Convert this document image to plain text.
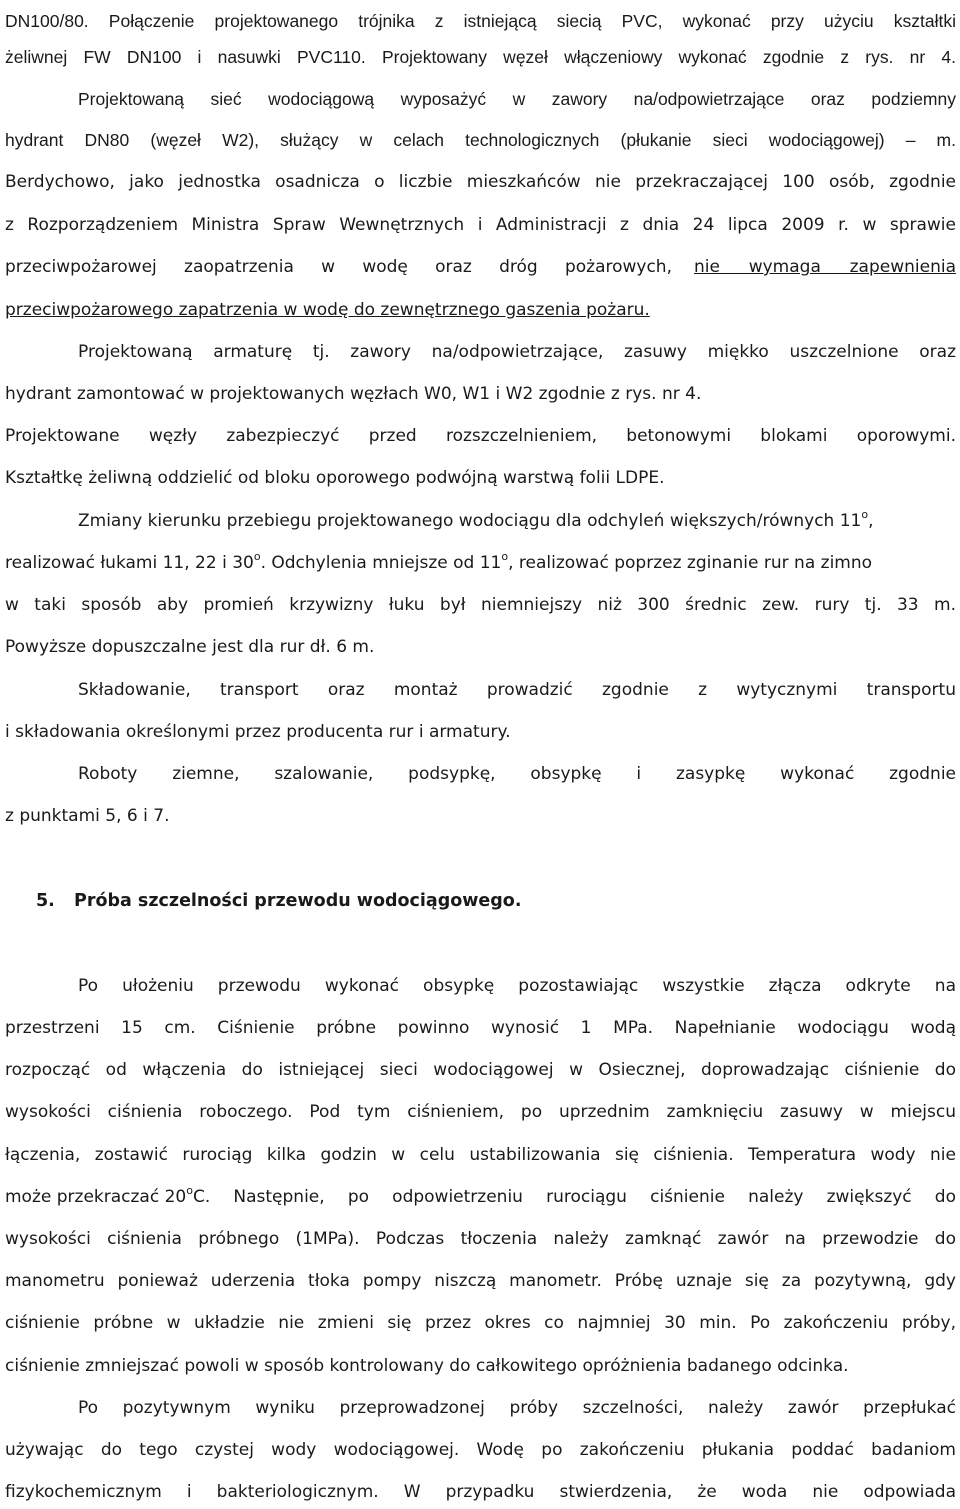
DN100/80. Połączenie projektowanego trójnika z istniejącą siecią PVC, wykonać przy użyciu kształtki
żeliwnej FW DN100 i nasuwki PVC110. Projektowany węzeł włączeniowy wykonać zgodnie z rys. nr 4.
Projektowaną sieć wodociągową wyposażyć w zawory na/odpowietrzające oraz podziemny
hydrant DN80 (węzeł W2), służący w celach technologicznych (płukanie sieci wodociągowej) – m.
Berdychowo, jako jednostka osadnicza o liczbie mieszkańców nie przekraczającej 100 osób, zgodnie
z Rozporządzeniem Ministra Spraw Wewnętrznych i Administracji z dnia 24 lipca 2009 r. w sprawie
przeciwpożarowej zaopatrzenia w wodę oraz dróg pożarowych, nie wymaga zapewnienia
przeciwpożarowego zapatrzenia w wodę do zewnętrznego gaszenia pożaru.
Projektowaną armaturę tj. zawory na/odpowietrzające, zasuwy miękko uszczelnione oraz
hydrant zamontować w projektowanych węzłach W0, W1 i W2 zgodnie z rys. nr 4.
Projektowane węzły zabezpieczyć przed rozszczelnieniem, betonowymi blokami oporowymi.
Kształtkę żeliwną oddzielić od bloku oporowego podwójną warstwą folii LDPE.
Zmiany kierunku przebiegu projektowanego wodociągu dla odchyleń większych/równych 11$^o$,
realizować łukami 11, 22 i 30$^o$. Odchylenia mniejsze od 11$^o$, realizować poprzez zginanie rur na zimno
w taki sposób aby promień krzywizny łuku był niemniejszy niż 300 średnic zew. rury tj. 33 m.
Powyższe dopuszczalne jest dla rur dł. 6 m.
Składowanie, transport oraz montaż prowadzić zgodnie z wytycznymi transportu
i składowania określonymi przez producenta rur i armatury.
Roboty ziemne, szalowanie, podsypkę, obsypkę i zasypkę wykonać zgodnie
z punktami 5, 6 i 7.
5. Próba szczelności przewodu wodociągowego.
Po ułożeniu przewodu wykonać obsypkę pozostawiając wszystkie złącza odkryte na
przestrzeni 15 cm. Ciśnienie próbne powinno wynosić 1 MPa. Napełnianie wodociągu wodą
rozpocząć od włączenia do istniejącej sieci wodociągowej w Osiecznej, doprowadzając ciśnienie do
wysokości ciśnienia roboczego. Pod tym ciśnieniem, po uprzednim zamknięciu zasuwy w miejscu
łączenia, zostawić rurociąg kilka godzin w celu ustabilizowania się ciśnienia. Temperatura wody nie
może przekraczać 20$^o$ C. Następnie, po odpowietrzeniu rurociągu ciśnienie należy zwiększyć do
wysokości ciśnienia próbnego (1MPa). Podczas tłoczenia należy zamknąć zawór na przewodzie do
manometru ponieważ uderzenia tłoka pompy niszczą manometr. Próbę uznaje się za pozytywną, gdy
ciśnienie próbne w układzie nie zmieni się przez okres co najmniej 30 min. Po zakończeniu próby,
ciśnienie zmniejszać powoli w sposób kontrolowany do całkowitego opróżnienia badanego odcinka.
Po pozytywnym wyniku przeprowadzonej próby szczelności, należy zawór przepłukać
używając do tego czystej wody wodociągowej. Wodę po zakończeniu płukania poddać badaniom
fizykochemicznym i bakteriologicznym. W przypadku stwierdzenia, że woda nie odpowiada
